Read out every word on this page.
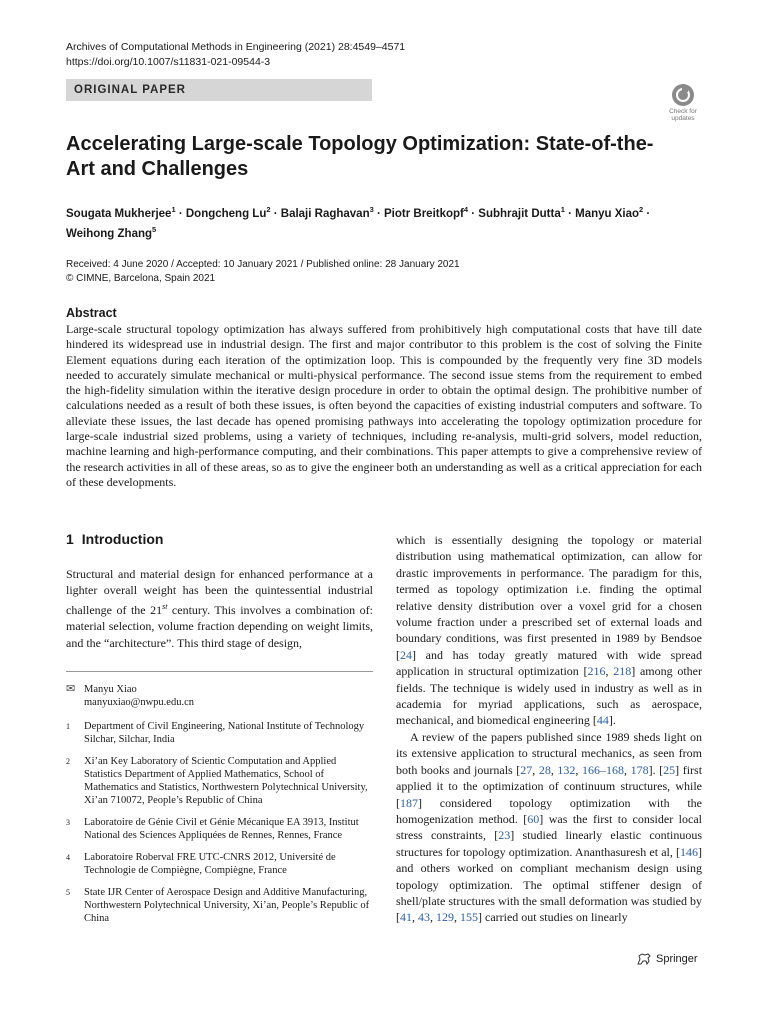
Archives of Computational Methods in Engineering (2021) 28:4549–4571
https://doi.org/10.1007/s11831-021-09544-3
ORIGINAL PAPER
Check for
updates
Accelerating Large-scale Topology Optimization: State-of-the-Art and Challenges
Sougata Mukherjee$^1$ · Dongcheng $Lu^2$ · Balaji Raghavan$^3$ · Piotr Breitkopf$^4$ · Subhrajit Dutta$^1$ · Manyu Xiao$^2$ ·
Weihong Zhang$^5$
Received: 4 June 2020 / Accepted: 10 January 2021 / Published online: 28 January 2021
© CIMNE, Barcelona, Spain 2021
Abstract
Large-scale structural topology optimization has always suffered from prohibitively high computational costs that have till date hindered its widespread use in industrial design. The first and major contributor to this problem is the cost of solving the Finite Element equations during each iteration of the optimization loop. This is compounded by the frequently very fine 3D models needed to accurately simulate mechanical or multi-physical performance. The second issue stems from the requirement to embed the high-fidelity simulation within the iterative design procedure in order to obtain the optimal design. The prohibitive number of calculations needed as a result of both these issues, is often beyond the capacities of existing industrial computers and software. To alleviate these issues, the last decade has opened promising pathways into accelerating the topology optimization procedure for large-scale industrial sized problems, using a variety of techniques, including re-analysis, multi-grid solvers, model reduction, machine learning and high-performance computing, and their combinations. This paper attempts to give a comprehensive review of the research activities in all of these areas, so as to give the engineer both an understanding as well as a critical appreciation for each of these developments.
1 Introduction
Structural and material design for enhanced performance at a lighter overall weight has been the quintessential industrial challenge of the 21st century. This involves a combination of: material selection, volume fraction depending on weight limits, and the “architecture”. This third stage of design,
✉ Manyu Xiao
manyuxiao@nwpu.edu.cn
1	Department of Civil Engineering, National Institute of Technology Silchar, Silchar, India
2	Xi’an Key Laboratory of Scientic Computation and Applied Statistics Department of Applied Mathematics, School of Mathematics and Statistics, Northwestern Polytechnical University, Xi’an 710072, People’s Republic of China
3	Laboratoire de Génie Civil et Génie Mécanique EA 3913, Institut National des Sciences Appliquées de Rennes, Rennes, France
4	Laboratoire Roberval FRE UTC-CNRS 2012, Université de Technologie de Compiègne, Compiègne, France
5	State IJR Center of Aerospace Design and Additive Manufacturing, Northwestern Polytechnical University, Xi’an, People’s Republic of China

which is essentially designing the topology or material distribution using mathematical optimization, can allow for drastic improvements in performance. The paradigm for this, termed as topology optimization i.e. finding the optimal relative density distribution over a voxel grid for a chosen volume fraction under a prescribed set of external loads and boundary conditions, was first presented in 1989 by Bendsoe [24] and has today greatly matured with wide spread application in structural optimization [216, 218] among other fields. The technique is widely used in industry as well as in academia for myriad applications, such as aerospace, mechanical, and biomedical engineering [44].

A review of the papers published since 1989 sheds light on its extensive application to structural mechanics, as seen from both books and journals [27, 28, 132, 166–168, 178]. [25] first applied it to the optimization of continuum structures, while [187] considered topology optimization with the homogenization method. [60] was the first to consider local stress constraints, [23] studied linearly elastic continuous structures for topology optimization. Ananthasuresh et al, [146] and others worked on compliant mechanism design using topology optimization. The optimal stiffener design of shell/plate structures with the small deformation was studied by [41, 43, 129, 155] carried out studies on linearly

Springer
